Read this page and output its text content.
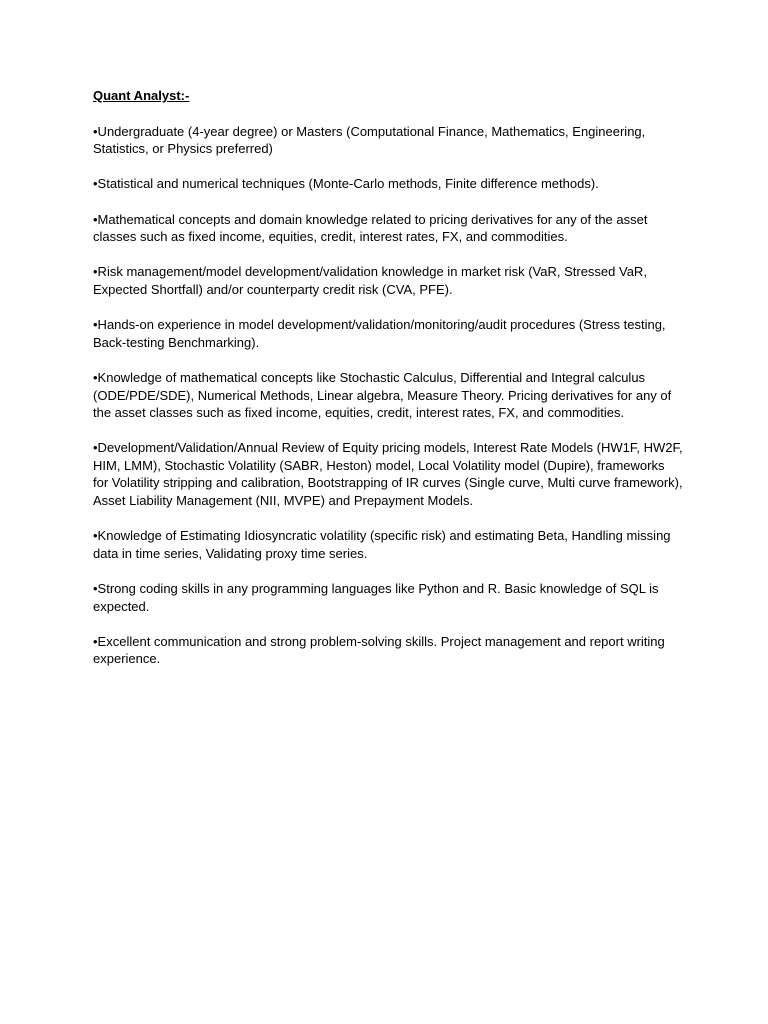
Quant Analyst:-
•Undergraduate (4-year degree) or Masters (Computational Finance, Mathematics, Engineering, Statistics, or Physics preferred)
•Statistical and numerical techniques (Monte-Carlo methods, Finite difference methods).
•Mathematical concepts and domain knowledge related to pricing derivatives for any of the asset classes such as fixed income, equities, credit, interest rates, FX, and commodities.
•Risk management/model development/validation knowledge in market risk (VaR, Stressed VaR, Expected Shortfall) and/or counterparty credit risk (CVA, PFE).
•Hands-on experience in model development/validation/monitoring/audit procedures (Stress testing, Back-testing Benchmarking).
•Knowledge of mathematical concepts like Stochastic Calculus, Differential and Integral calculus (ODE/PDE/SDE), Numerical Methods, Linear algebra, Measure Theory. Pricing derivatives for any of the asset classes such as fixed income, equities, credit, interest rates, FX, and commodities.
•Development/Validation/Annual Review of Equity pricing models, Interest Rate Models (HW1F, HW2F, HIM, LMM), Stochastic Volatility (SABR, Heston) model, Local Volatility model (Dupire), frameworks for Volatility stripping and calibration, Bootstrapping of IR curves (Single curve, Multi curve framework), Asset Liability Management (NII, MVPE) and Prepayment Models.
•Knowledge of Estimating Idiosyncratic volatility (specific risk) and estimating Beta, Handling missing data in time series, Validating proxy time series.
•Strong coding skills in any programming languages like Python and R. Basic knowledge of SQL is expected.
•Excellent communication and strong problem-solving skills. Project management and report writing experience.
